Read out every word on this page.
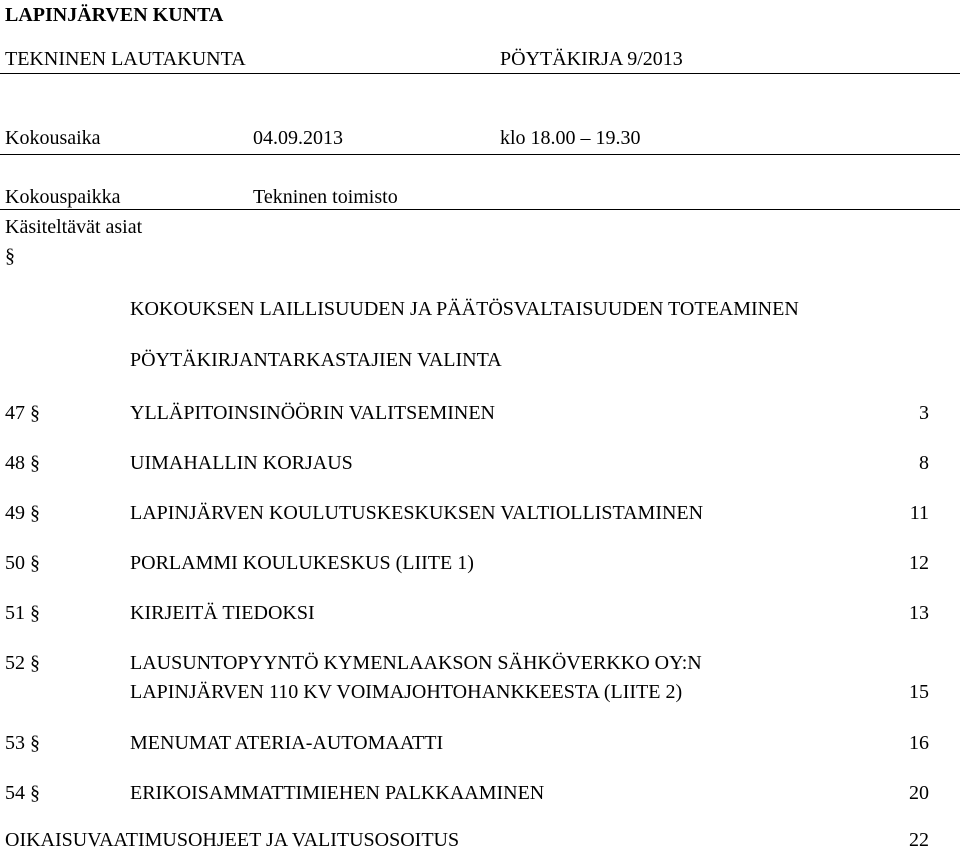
LAPINJÄRVEN KUNTA
TEKNINEN LAUTAKUNTA	PÖYTÄKIRJA 9/2013
Kokousaika	04.09.2013	klo 18.00 – 19.30
Kokouspaikka	Tekninen toimisto
Käsiteltävät asiat
§
KOKOUKSEN LAILLISUUDEN JA PÄÄTÖSVALTAISUUDEN TOTEAMINEN
PÖYTÄKIRJANTARKASTAJIEN VALINTA
47 §	YLLÄPITOINSINÖÖRIN VALITSEMINEN	3
48 §	UIMAHALLIN KORJAUS	8
49 §	LAPINJÄRVEN KOULUTUSKESKUKSEN VALTIOLLISTAMINEN	11
50 §	PORLAMMI KOULUKESKUS (LIITE 1)	12
51 §	KIRJEITÄ TIEDOKSI	13
52 §	LAUSUNTOPYYNTÖ KYMENLAAKSON SÄHKÖVERKKO OY:N
LAPINJÄRVEN 110 KV VOIMAJOHTOHANKKEESTA (LIITE 2)	15
53 §	MENUMAT ATERIA-AUTOMAATTI	16
54 §	ERIKOISAMMATTIMIEHEN PALKKAAMINEN	20
OIKAISUVAATIMUSOHJEET JA VALITUSOSOITUS	22
